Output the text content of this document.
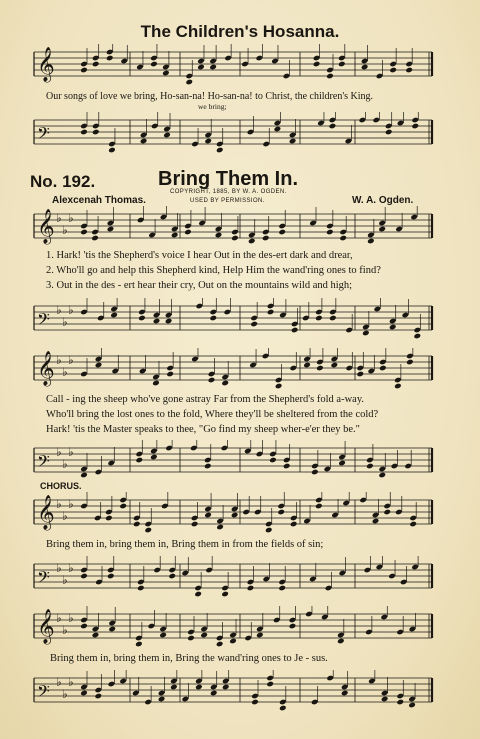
The Children's Hosanna.
𝄞
Our songs of love we bring, Ho-san-na! Ho-san-na! to Christ, the children's King.
we bring;
𝄢
No. 192.	Bring Them In.
COPYRIGHT, 1885, BY W. A. OGDEN.
USED BY PERMISSION.
Alexcenah Thomas.	W. A. Ogden.
𝄞 ♭
♭
♭
1. Hark! 'tis the Shepherd's voice I hear Out in the des-ert dark and drear,
2. Who'll go and help this Shepherd kind, Help Him the wand'ring ones to find?
3. Out in the des - ert hear their cry, Out on the mountains wild and high;
𝄢 ♭
♭
♭
𝄞 ♭
♭
♭
Call - ing the sheep who've gone astray Far from the Shepherd's fold a-way.
Who'll bring the lost ones to the fold, Where they'll be sheltered from the cold?
Hark! 'tis the Master speaks to thee, "Go find my sheep wher-e'er they be."
𝄢 ♭
♭
♭
CHORUS.
𝄞 ♭
♭
♭
Bring them in, bring them in, Bring them in from the fields of sin;
𝄢 ♭
♭
♭
𝄞 ♭
♭
♭
Bring them in, bring them in, Bring the wand'ring ones to Je - sus.
𝄢 ♭
♭
♭
